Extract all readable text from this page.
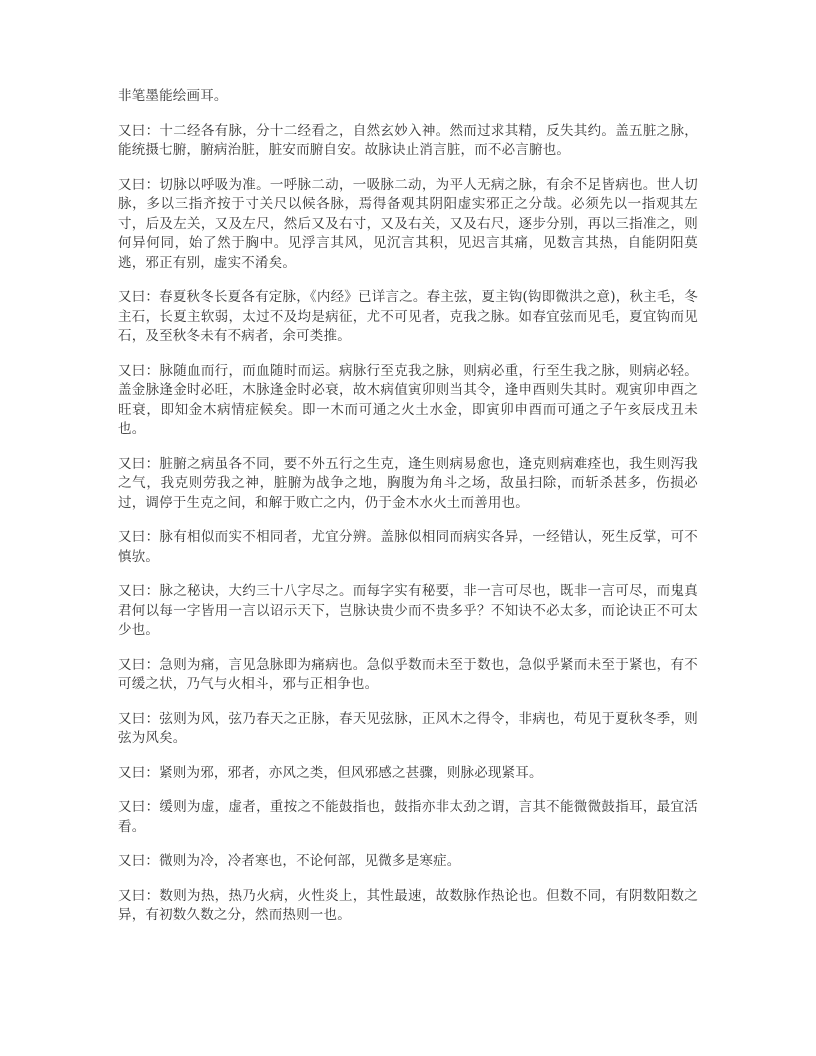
非笔墨能绘画耳。

又曰：十二经各有脉，分十二经看之，自然玄妙入神。然而过求其精，反失其约。盖五脏之脉，能统摄七腑，腑病治脏，脏安而腑自安。故脉诀止消言脏，而不必言腑也。

又曰：切脉以呼吸为准。一呼脉二动，一吸脉二动，为平人无病之脉，有余不足皆病也。世人切脉，多以三指齐按于寸关尺以候各脉，焉得备观其阴阳虚实邪正之分哉。必须先以一指观其左寸，后及左关，又及左尺，然后又及右寸，又及右关，又及右尺，逐步分别，再以三指准之，则何异何同，始了然于胸中。见浮言其风，见沉言其积，见迟言其痛，见数言其热，自能阴阳莫逃，邪正有别，虚实不淆矣。

又曰：春夏秋冬长夏各有定脉，《内经》已详言之。春主弦，夏主钩(钩即微洪之意)，秋主毛，冬主石，长夏主软弱，太过不及均是病征，尤不可见者，克我之脉。如春宜弦而见毛，夏宜钩而见石，及至秋冬未有不病者，余可类推。

又曰：脉随血而行，而血随时而运。病脉行至克我之脉，则病必重，行至生我之脉，则病必轻。盖金脉逢金时必旺，木脉逢金时必衰，故木病值寅卯则当其令，逢申酉则失其时。观寅卯申酉之旺衰，即知金木病情症候矣。即一木而可通之火土水金，即寅卯申酉而可通之子午亥辰戌丑未也。

又曰：脏腑之病虽各不同，要不外五行之生克，逢生则病易愈也，逢克则病难痊也，我生则泻我之气，我克则劳我之神，脏腑为战争之地，胸腹为角斗之场，敌虽扫除，而斩杀甚多，伤损必过，调停于生克之间，和解于败亡之内，仍于金木水火土而善用也。

又曰：脉有相似而实不相同者，尤宜分辨。盖脉似相同而病实各异，一经错认，死生反掌，可不慎欤。

又曰：脉之秘诀，大约三十八字尽之。而每字实有秘要，非一言可尽也，既非一言可尽，而鬼真君何以每一字皆用一言以诏示天下，岂脉诀贵少而不贵多乎？不知诀不必太多，而论诀正不可太少也。

又曰：急则为痛，言见急脉即为痛病也。急似乎数而未至于数也，急似乎紧而未至于紧也，有不可缓之状，乃气与火相斗，邪与正相争也。

又曰：弦则为风，弦乃春天之正脉，春天见弦脉，正风木之得令，非病也，苟见于夏秋冬季，则弦为风矣。

又曰：紧则为邪，邪者，亦风之类，但风邪感之甚骤，则脉必现紧耳。

又曰：缓则为虚，虚者，重按之不能鼓指也，鼓指亦非太劲之谓，言其不能微微鼓指耳，最宜活看。

又曰：微则为冷，冷者寒也，不论何部，见微多是寒症。

又曰：数则为热，热乃火病，火性炎上，其性最速，故数脉作热论也。但数不同，有阴数阳数之异，有初数久数之分，然而热则一也。
